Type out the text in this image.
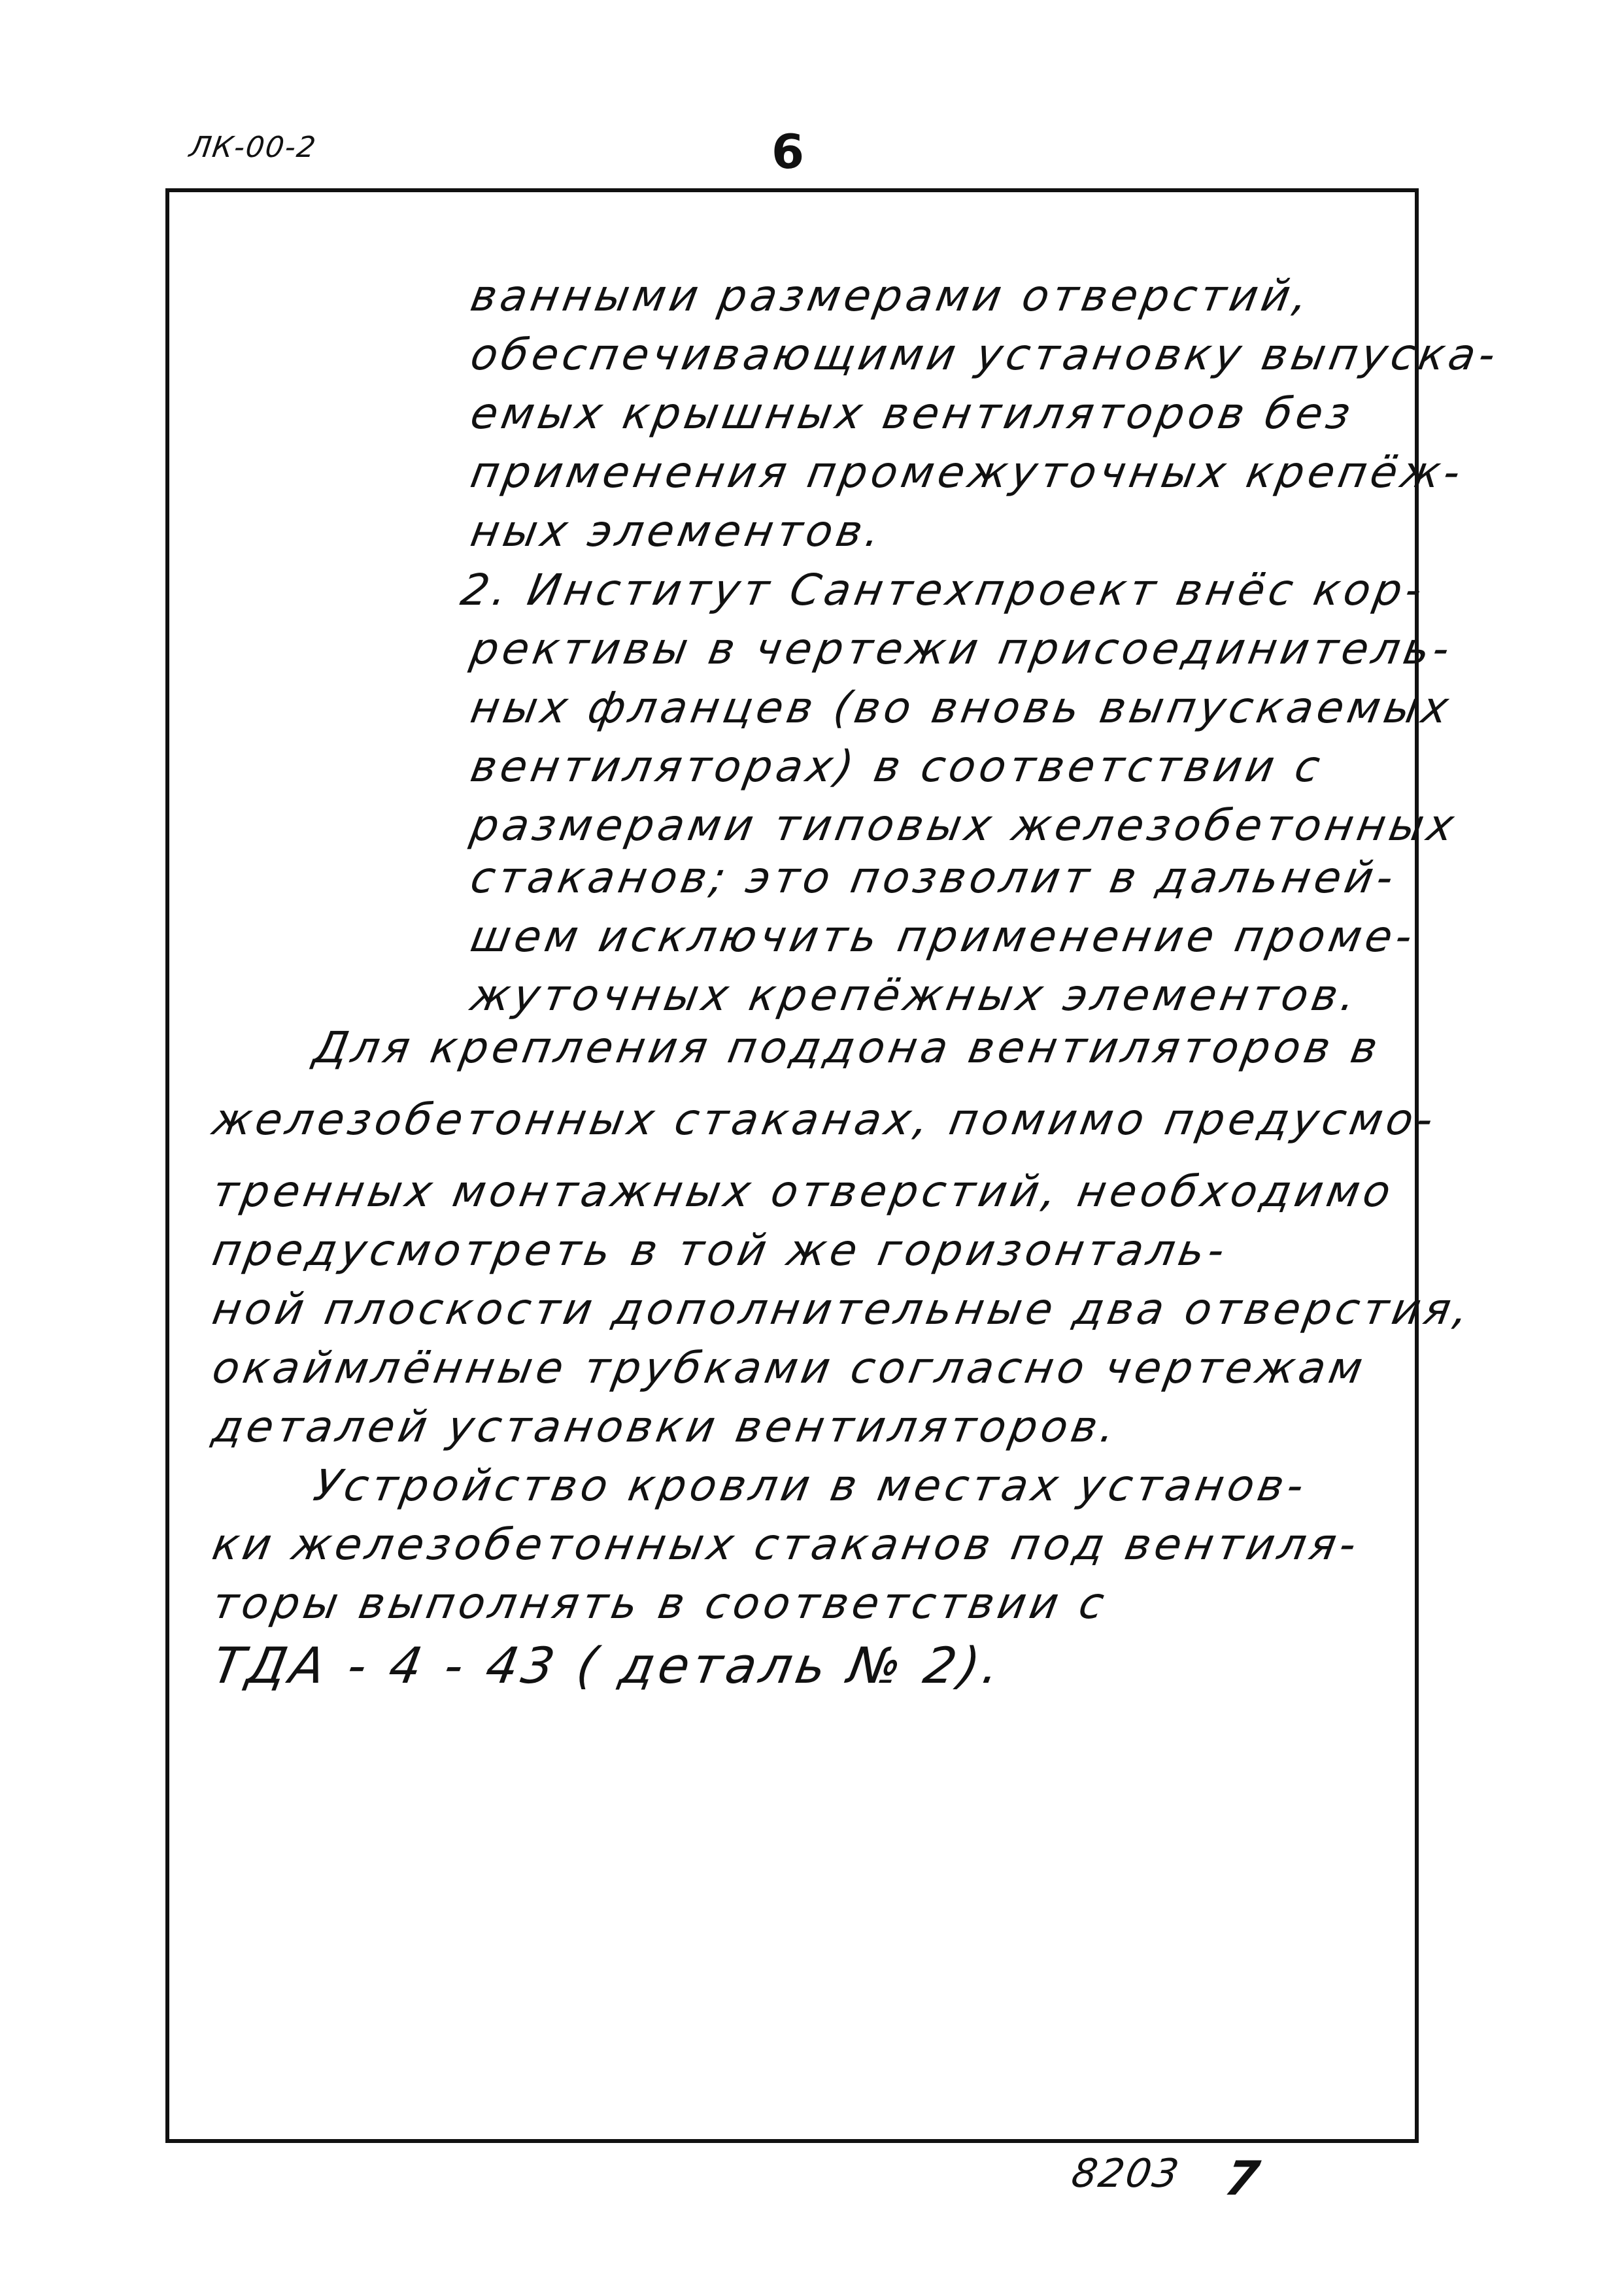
ЛК-00-2	6
ванными размерами отверстий,
обеспечивающими установку выпуска-
емых крышных вентиляторов без
применения промежуточных крепёж-
ных элементов.
2. Институт Сантехпроект внёс кор-
рективы в чертежи присоединитель-
ных фланцев (во вновь выпускаемых
вентиляторах) в соответствии с
размерами типовых железобетонных
стаканов; это позволит в дальней-
шем исключить применение проме-
жуточных крепёжных элементов.
Для крепления поддона вентиляторов в
железобетонных стаканах, помимо предусмо-
тренных монтажных отверстий, необходимо
предусмотреть в той же горизонталь-
ной плоскости дополнительные два отверстия,
окаймлённые трубками согласно чертежам
деталей установки вентиляторов.
Устройство кровли в местах установ-
ки железобетонных стаканов под вентиля-
торы выполнять в соответствии с
ТДА - 4 - 43 ( деталь № 2).
8203 7
